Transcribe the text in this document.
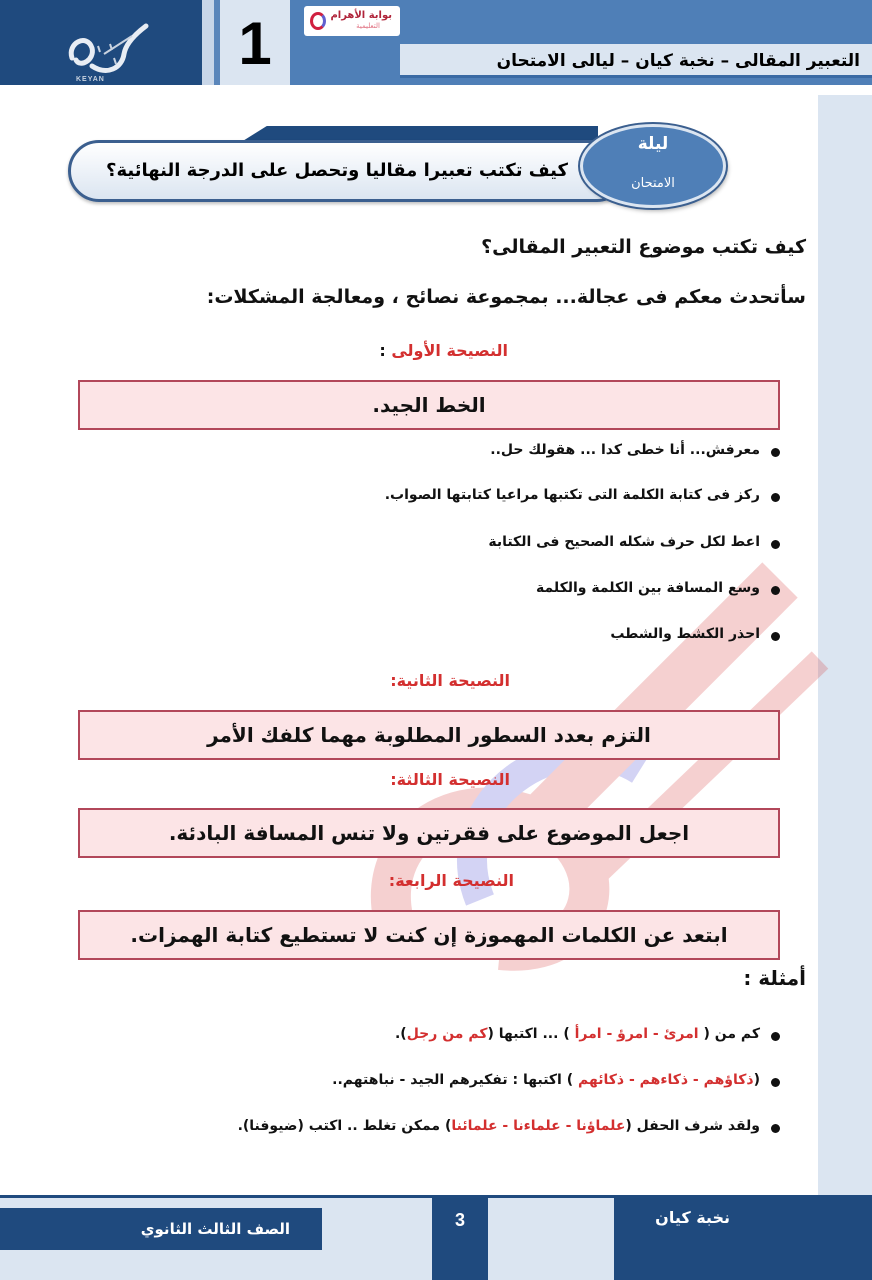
KEYAN
1	بوابة الأهرام
التعليمية
التعبير المقالى – نخبة كيان – ليالى الامتحان
كيف تكتب تعبيرا مقاليا وتحصل على الدرجة النهائية؟
ليلة
الامتحان
كيف تكتب موضوع التعبير المقالى؟
سأتحدث معكم فى عجالة... بمجموعة نصائح ، ومعالجة المشكلات:
النصيحة الأولى :
الخط الجيد.
معرفش... أنا خطى كدا ... هقولك حل..
ركز فى كتابة الكلمة التى تكتبها مراعيا كتابتها الصواب.
اعط لكل حرف شكله الصحيح فى الكتابة
وسع المسافة بين الكلمة والكلمة
احذر الكشط والشطب
النصيحة الثانية:
التزم بعدد السطور المطلوبة مهما كلفك الأمر
النصيحة الثالثة:
اجعل الموضوع على فقرتين ولا تنس المسافة البادئة.
النصيحة الرابعة:
ابتعد عن الكلمات المهموزة إن كنت لا تستطيع كتابة الهمزات.
أمثلة :
كم من ( امرئ - امرؤ - امرأ ) ... اكتبها (كم من رجل).
(ذكاؤهم - ذكاءهم - ذكائهم ) اكتبها : تفكيرهم الجيد - نباهتهم..
ولقد شرف الحفل (علماؤنا - علماءنا - علمائنا) ممكن تغلط .. اكتب (ضيوفنا).
الصف الثالث الثانوي	3	نخبة كيان
